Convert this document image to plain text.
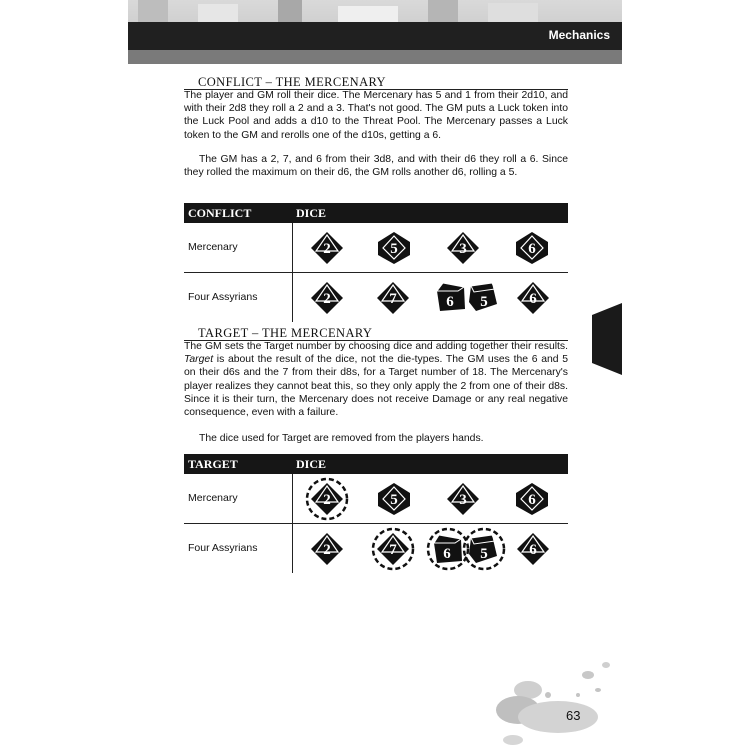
Mechanics
CONFLICT – THE MERCENARY
The player and GM roll their dice. The Mercenary has 5 and 1 from their 2d10, and with their 2d8 they roll a 2 and a 3. That's not good. The GM puts a Luck token into the Luck Pool and adds a d10 to the Threat Pool. The Mercenary passes a Luck token to the GM and rerolls one of the d10s, getting a 6.
The GM has a 2, 7, and 6 from their 3d8, and with their d6 they roll a 6. Since they rolled the maximum on their d6, the GM rolls another d6, rolling a 5.
CONFLICT	DICE
Mercenary	2	5	3	6
Four Assyrians	2	7	6 5	6
TARGET – THE MERCENARY
The GM sets the Target number by choosing dice and adding together their results. Target is about the result of the dice, not the die-types. The GM uses the 6 and 5 on their d6s and the 7 from their d8s, for a Target number of 18. The Mercenary's player realizes they cannot beat this, so they only apply the 2 from one of their d8s. Since it is their turn, the Mercenary does not receive Damage or any real negative consequence, even with a failure.
The dice used for Target are removed from the players hands.
TARGET	DICE
Mercenary	2	5	3	6
Four Assyrians	2	7	6 5	6
63
